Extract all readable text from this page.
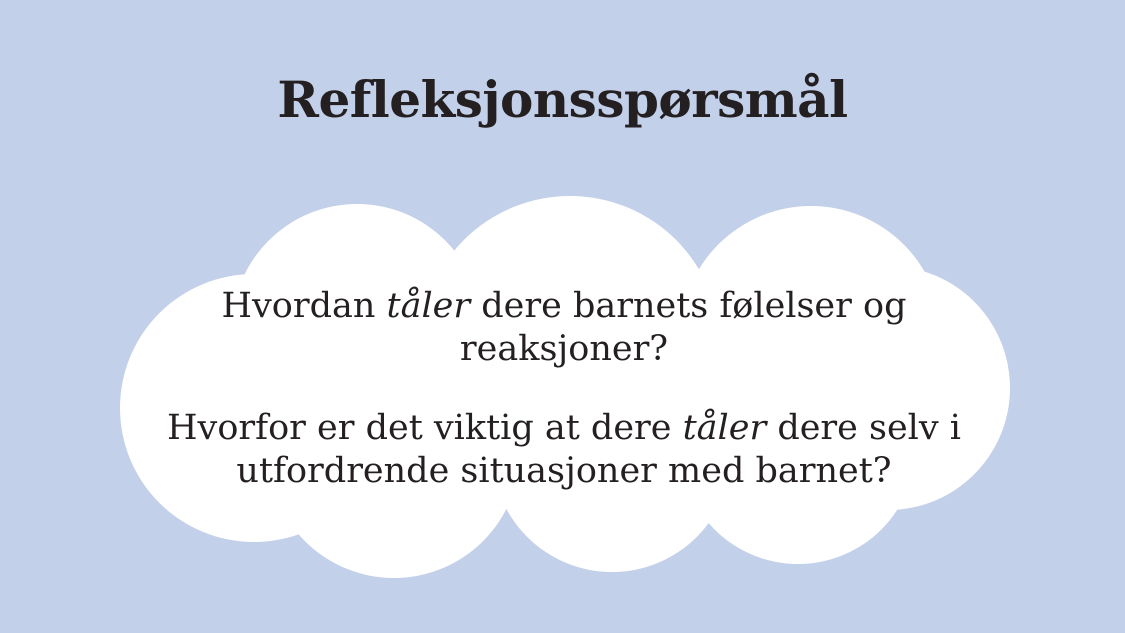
Refleksjonsspørsmål

Hvordan tåler dere barnets følelser og reaksjoner?

Hvorfor er det viktig at dere tåler dere selv i utfordrende situasjoner med barnet?
